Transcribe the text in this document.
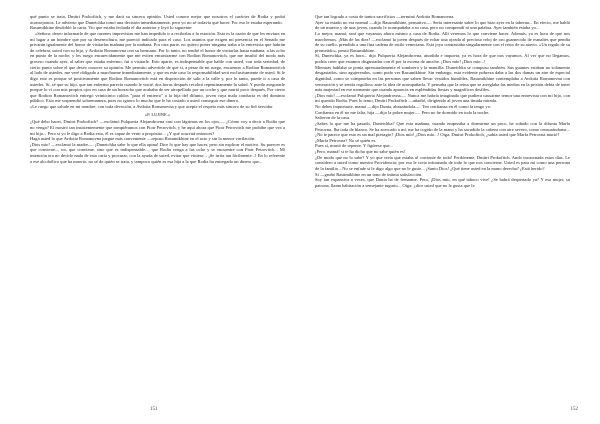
qué punto se trata, Dmitri Prokofitch, y me dará su sincera opinión. Usted conoce mejor que nosotros el carácter de Rodia y podrá aconsejarnos. Le advierto que Dunetchka tomó una decisión inmediatamente, pero yo no sé todavía qué hacer. Por eso le estaba esperando.

Rasumikhine desdobló la carta. Vio que estaba fechada el día anterior y leyó lo siguiente:

«Señora: deseo informarle de que razones imprevistas me han impedido ir a recibirlas a la estación. Esta es la razón de que les enviara en mi lugar a un hombre que por su desenvoltura, me pareció indicado para el caso. Los asuntos que exigen mi presencia en el Senado me privarán igualmente del honor de visitarlas mañana por la mañana. Por otra parte, no quiero poner ninguna traba a la entrevista que habrán de celebrar, usted con su hijo, y Avdotia Romanovna con su hermano. Por lo tanto, no tendré el honor de visitarlas hasta mañana, a las ocho en punto de la noche, y les ruego encarecidamente que me eviten encontrarme con Rodion Romanovitch, que me insultó del modo más grosero cuando ayer, al saber que estaba enfermo, fui a visitarle. Esto aparte, es indispensable que hable con usted, con toda seriedad, de cierto punto sobre el que deseo conocer su opinión. Me permito advertirle de que si, a pesar de mi ruego, encuentro a Rodion Romanovitch al lado de ustedes, me veré obligado a marcharme inmediatamente, y que en este caso la responsabilidad será exclusivamente de usted. Si le digo esto es porque sé positivamente que Rodion Romanovitch está en disposición de salir a la calle y, por lo tanto, puede ir a casa de ustedes. Sí, sé que su hijo, que tan enfermo parecía cuando le visité, dos horas después recobró repentinamente la salud. Y puedo asegurarle porque lo vi con mis propios ojos en casa de un borracho que acababa de ser atropellado por un coche y que murió poco después. Por cierto que Rodion Romanovitch entregó veinticinco rublos "para el entierro" a la hija del difunto, joven cuya mala conducta es del dominio público. Esto me sorprendió sobremanera, pues no ignoro lo mucho que le ha costado a usted conseguir ese dinero.

»Le ruego que salude en mi nombre, con toda devoción, a Avdotia Romanovna y que acepte el respeto más sincero de su fiel servidor

»P. LUJINE.»

¿Qué debo hacer, Dmitri Prokofitch? —exclamó Pulqueria Alejandrovna casi con lágrimas en los ojos—. ¿Cómo voy a decir a Rodia que no venga? El mostró tan insistentemente que rompiéramos con Piotr Petrovitch, y he aquí ahora que Piotr Petrovitch me prohíbe que vea a mi hijo... Pero si yo le digo a Rodia esto, él es capaz de venir a propósito... ¿Y qué ocurrirá entonces?

Haga usted lo que Avdotia Romanovna juzgue más conveniente —repuso Rasumikhine en el acto y sin la menor vacilación.

¡Dios mío! —exclamó la madre—. ¡Dunetchka sabe lo que ella opina! Dice lo que hay que hacer, pero sin explicar el motivo. Su parecer es que conviene..., no, que conviene, sino que es indispensable..., que Rodia venga a las ocho y se encuentre con Piotr Petrovitch... Mi intención era no decirle nada de esta carta y procurar, con la ayuda de usted, evitar que viniese... ¡Se irrita tan fácilmente...! En lo referente a ese alcohólico que ha muerto, no sé de quién se trata, y tampoco quién es esa hija a la que Rodia ha entregado un dinero que...

151

Que tan logrado a costa de tantos sacrificios —terminó Avdotia Romanovna.

Ayer su estado no era normal —dijo Rasumikhine, pensativo—. Sería interesante saber lo que hizo ayer en la taberna... En efecto, me habló de un muerto y de una joven, cuando le acompañaba a su casa, pero no comprendí ni una palabra. Ayer también estaba yo...

Lo mejor, mamá, será que vayamos ahora mismo a casa de Rodia. Allí veremos lo que conviene hacer. Además, ya es hora de que nos marchemos. ¡Más de las diez! —exclamó la joven después de echar una ojeada al precioso reloj de oro guarnecido de esmaltes que pendía de su cuello, prendido a una fina cadena de estilo veneciano. Esta joya contrastaba singularmente con el resto de su atavío. «Un regalo de su prometido», pensó Rasumikhine.

Sí, Dunetchka, ya es hora... dijo Pulqueria Alejandrovna, aturdida e inquieta; ya es hora de que nos vayamos. Al ver que no llegamos, podría creer que estamos disgustadas con él por la escena de anoche. ¡Dios mío! ¡Dios mío...!

Mientras hablaba se ponía apresuradamente el sombrero y la mantilla. Dunetchka se compuso también. Sus guantes estaban no solamente desgastados, sino agujereados, como pudo ver Rasumikhine. Sin embargo, esta evidente pobreza daba a las dos damas un aire de especial dignidad, como se comprueba en las personas que saben llevar vestidos humildes. Rasumikhine contemplaba a Avdotia Romanovna con veneración y se sentía orgulloso ante la idea de acompañarla. Y pensaba que la reina que se arreglaba las medias en la prisión debía de tener más majestad en ese momento que cuando aparecía en espléndidas fiestas y magníficos desfiles.

¡Dios mío! —exclamó Pulqueria Alejandrovna—. Nunca me habría imaginado que pudiera causarme temor una entrevista con mi hijo, con mi querido Rodia. Pues lo temo, Dmitri Prokofitch —añadió, dirigiendo al joven una tímida mirada.

No debes inquietarte, mamá —dijo Dunia, abrazándola—. Ten confianza en él como la tengo yo.

Confianza en él no me falta, hija —dijo la pobre mujer—. Pero no he dormido en toda la noche.

Salieron de la casa.

¿Sabes lo que me ha pasado, Dunetchka? Que esta mañana, cuando empezaba a dormirme un poco, he soñado con la difunta Marfa Petrovna. Iba toda de blanco. Se ha acercado a mí, me ha cogido de la mano y ha sacudido la cabeza con aire severo, como censurándome... ¿No te parece que esto es un mal presagio? ¡Dios mío! ¿Dios mío...! Oiga, Dmitri Prokofitch, ¿sabía usted que Marfa Petrovna murió?

¿Marfa Petrovna? No sé quién es.

Pues sí, murió de repente. Y figúrese que...

¡Pero, mamá! si te ha dicho que no sabe quién es!

¿De modo que no lo sabe? Y yo que creía que estaba al corriente de todo! Perdóneme, Dmitri Prokofitch. Ando trastornada estos días. Le considero a usted como nuestra Providencia; por eso le creía informado de todo lo que nos concierne. Usted es para mí como una persona de la familia... No se enfade si le digo algo que no le guste... ¡Santo Dios! ¿Qué tiene usted en la mano derecha? ¿Está herido?

Sí —gruñó Rasumikhine en un tono de íntima satisfacción.

Soy tan expansiva a veces, que Dunia ha de frenarme. Pero, ¡Dios mío, en qué tabuco vive! ¿Se habrá despertado ya? Y esa mujer, su patrona, llama habitación a semejante tugurio... Oiga: ¿dice usted que no le gusta que le

152
